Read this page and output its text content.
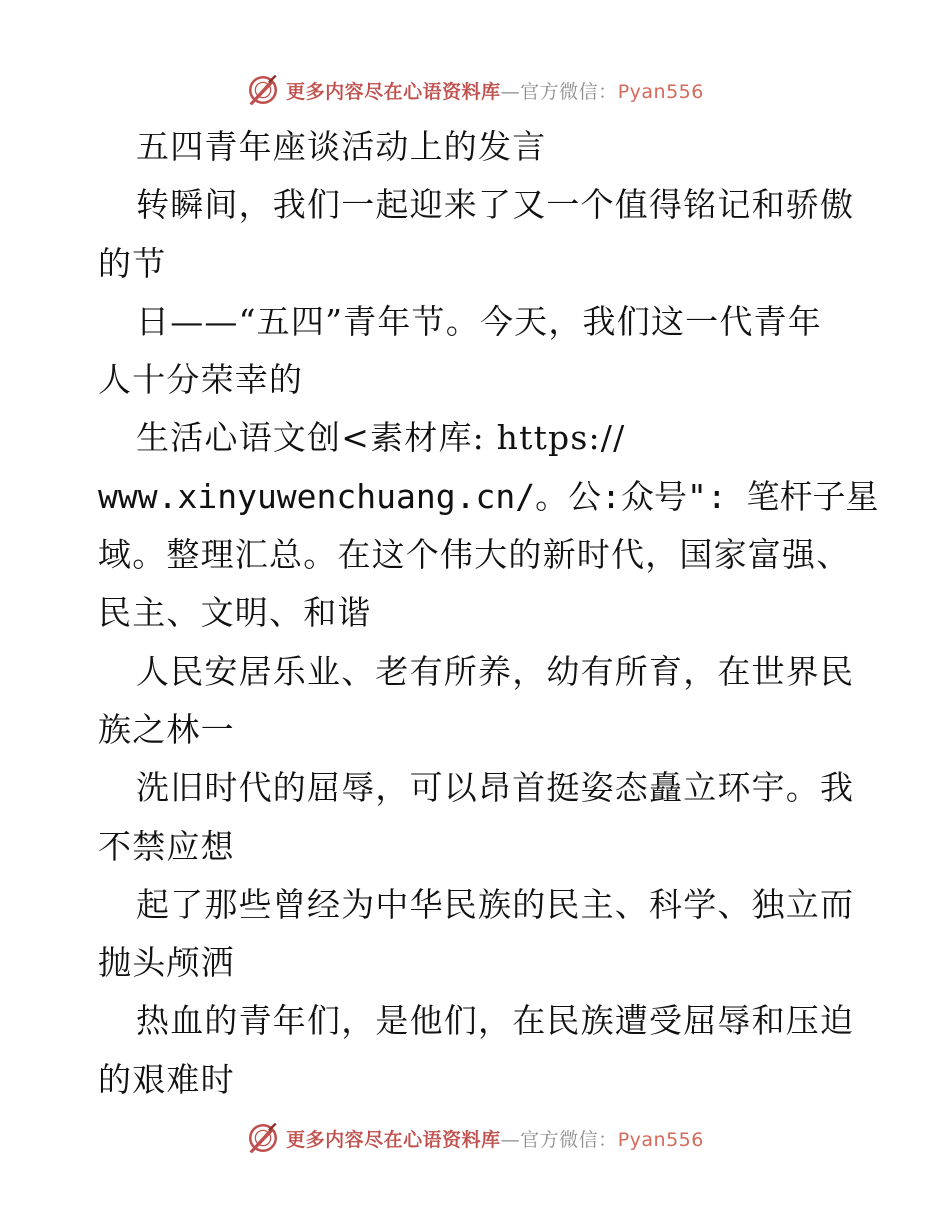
更多内容尽在心语资料库—官方微信：Pyan556
五四青年座谈活动上的发言
转瞬间，我们一起迎来了又一个值得铭记和骄傲
的节
日——“五四”青年节。今天，我们这一代青年
人十分荣幸的
生活心语文创<素材库: https://
www.xinyuwenchuang.cn/。公:众号": 笔杆子星
域。整理汇总。在这个伟大的新时代，国家富强、
民主、文明、和谐
人民安居乐业、老有所养，幼有所育，在世界民
族之林一
洗旧时代的屈辱，可以昂首挺姿态矗立环宇。我
不禁应想
起了那些曾经为中华民族的民主、科学、独立而
抛头颅洒
热血的青年们，是他们，在民族遭受屈辱和压迫
的艰难时
更多内容尽在心语资料库—官方微信：Pyan556
